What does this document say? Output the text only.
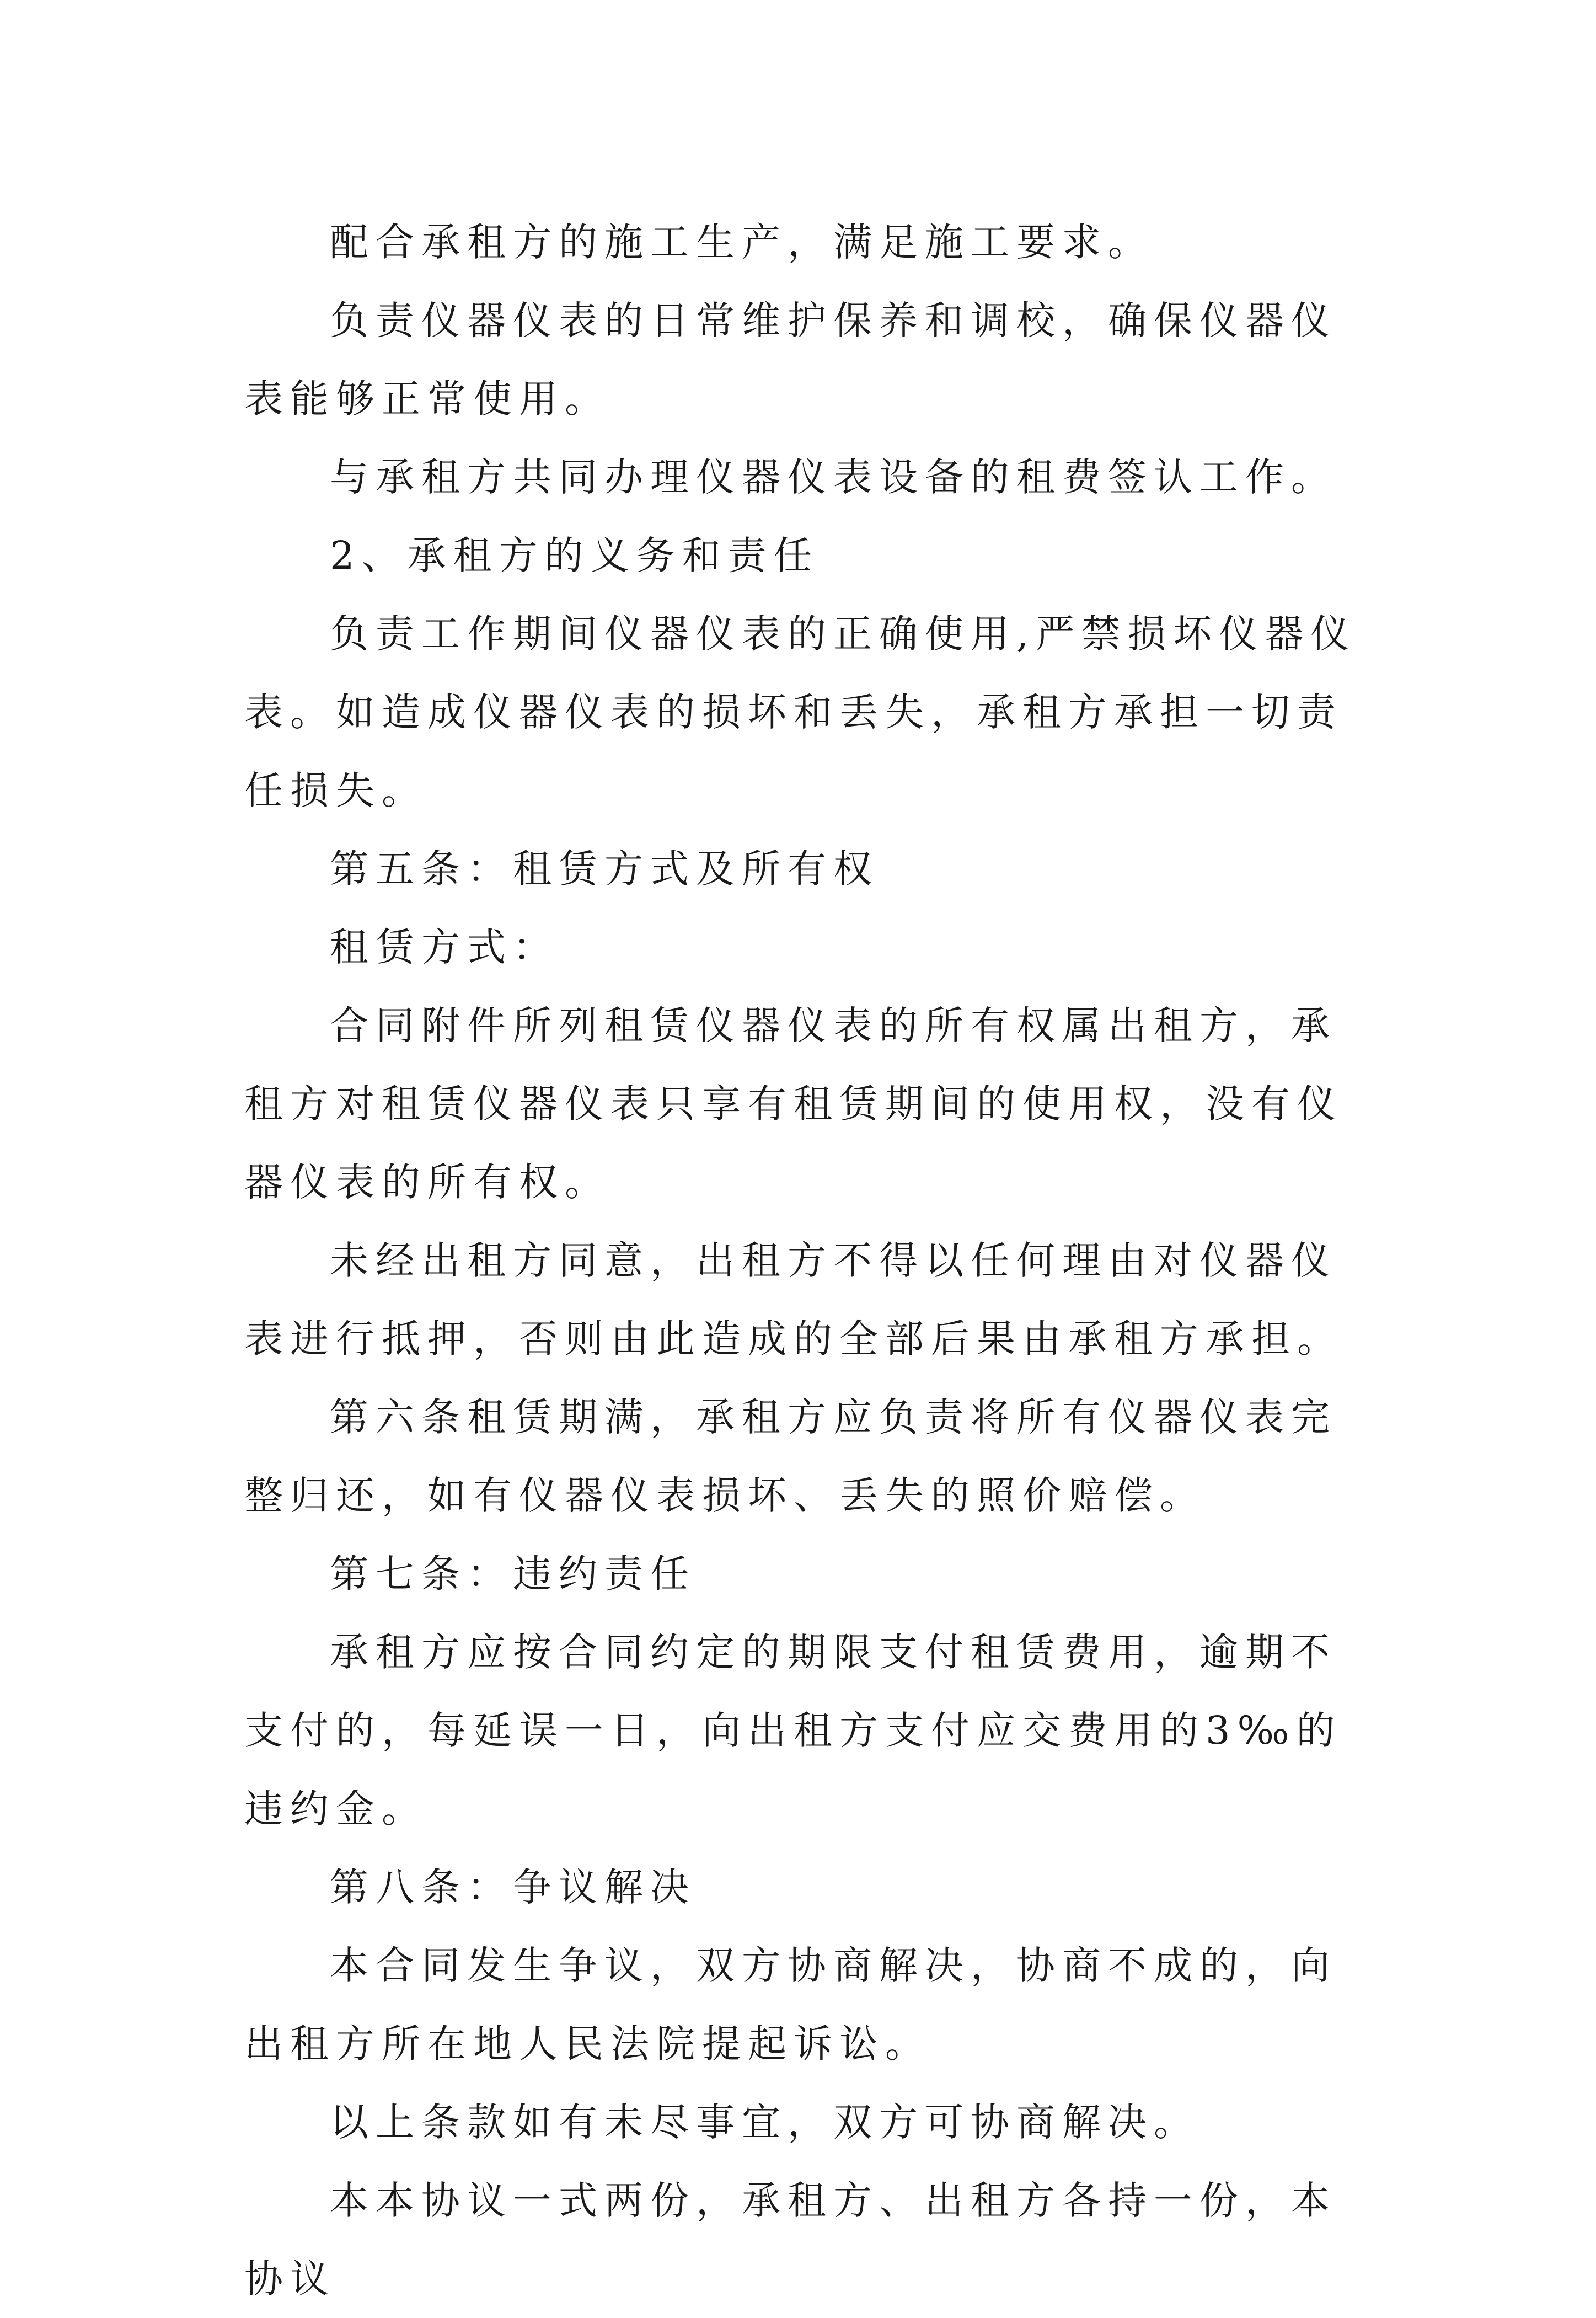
配合承租方的施工生产，满足施工要求。

负责仪器仪表的日常维护保养和调校，确保仪器仪表能够正常使用。

与承租方共同办理仪器仪表设备的租费签认工作。

2、承租方的义务和责任

负责工作期间仪器仪表的正确使用,严禁损坏仪器仪表。如造成仪器仪表的损坏和丢失，承租方承担一切责任损失。

第五条：租赁方式及所有权

租赁方式：

合同附件所列租赁仪器仪表的所有权属出租方，承租方对租赁仪器仪表只享有租赁期间的使用权，没有仪器仪表的所有权。

未经出租方同意，出租方不得以任何理由对仪器仪表进行抵押，否则由此造成的全部后果由承租方承担。

第六条租赁期满，承租方应负责将所有仪器仪表完整归还，如有仪器仪表损坏、丢失的照价赔偿。

第七条：违约责任

承租方应按合同约定的期限支付租赁费用，逾期不支付的，每延误一日，向出租方支付应交费用的3‰的违约金。

第八条：争议解决

本合同发生争议，双方协商解决，协商不成的，向出租方所在地人民法院提起诉讼。

以上条款如有未尽事宜，双方可协商解决。

本本协议一式两份，承租方、出租方各持一份，本协议
